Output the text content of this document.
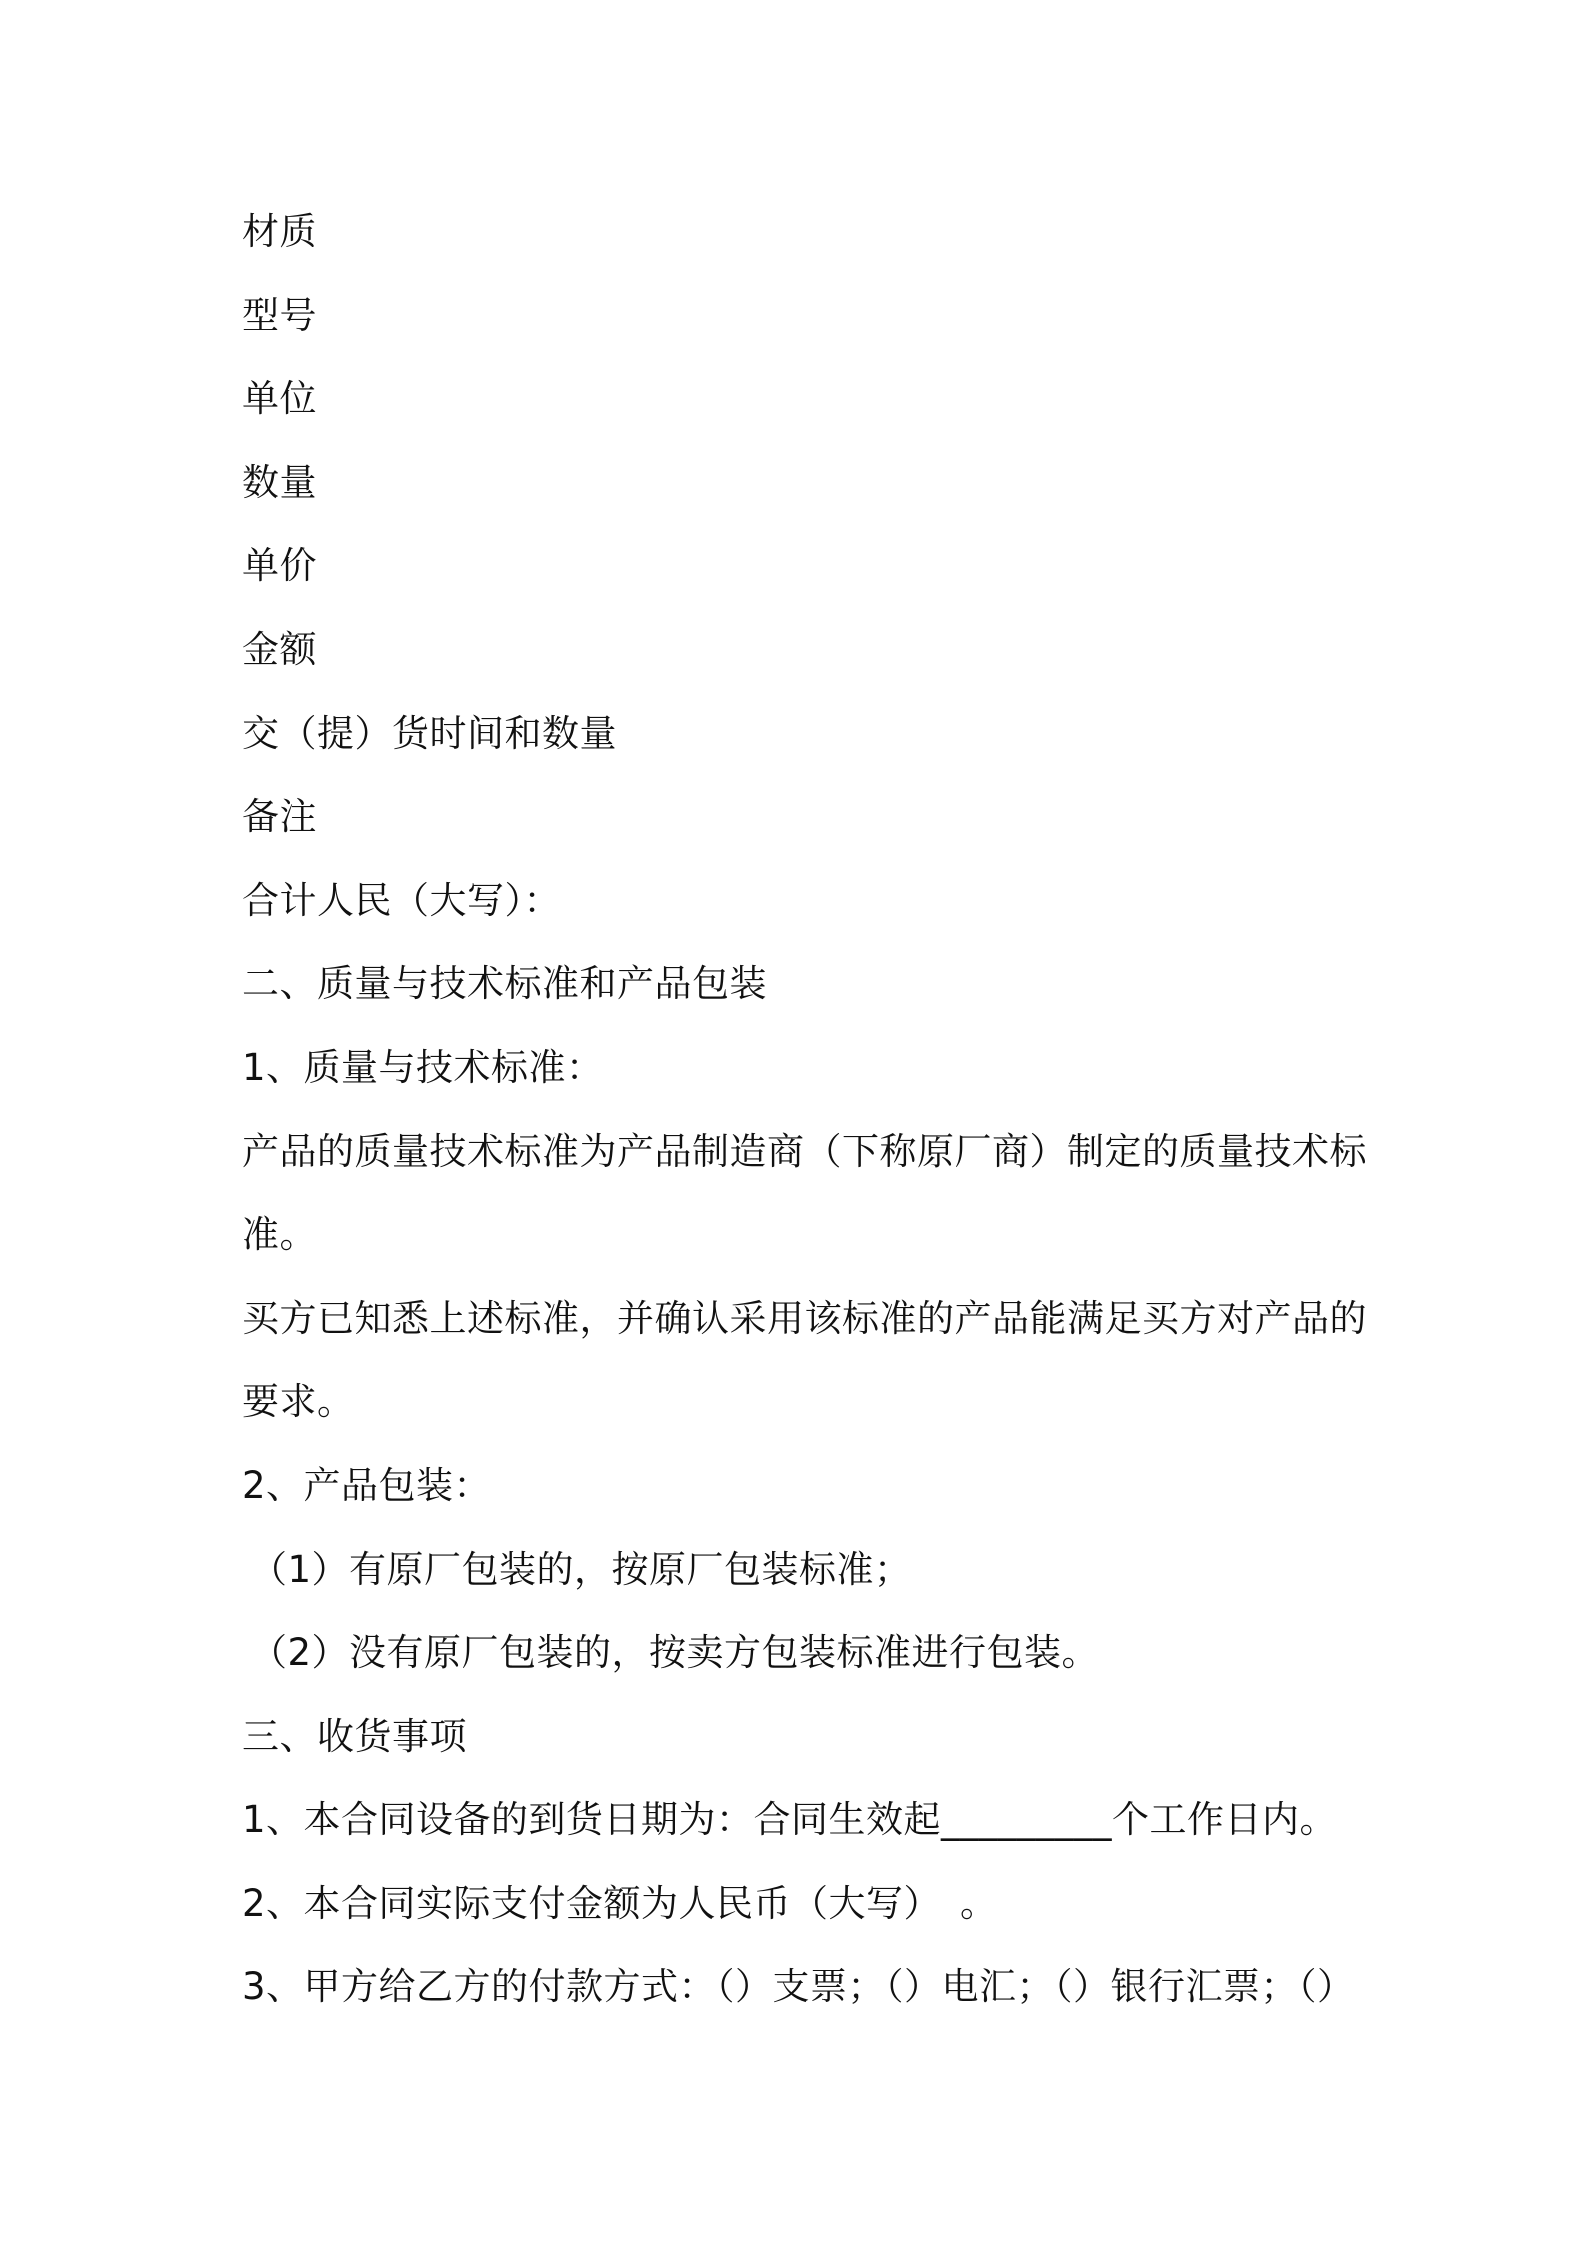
材质
型号
单位
数量
单价
金额
交（提）货时间和数量
备注
合计人民（大写）：
二、质量与技术标准和产品包装
1、质量与技术标准：
产品的质量技术标准为产品制造商（下称原厂商）制定的质量技术标
准。
买方已知悉上述标准，并确认采用该标准的产品能满足买方对产品的
要求。
2、产品包装：
（1）有原厂包装的，按原厂包装标准；
（2）没有原厂包装的，按卖方包装标准进行包装。
三、收货事项
1、本合同设备的到货日期为：合同生效起_________个工作日内。
2、本合同实际支付金额为人民币（大写）　。
3、甲方给乙方的付款方式：（）支票；（）电汇；（）银行汇票；（）
